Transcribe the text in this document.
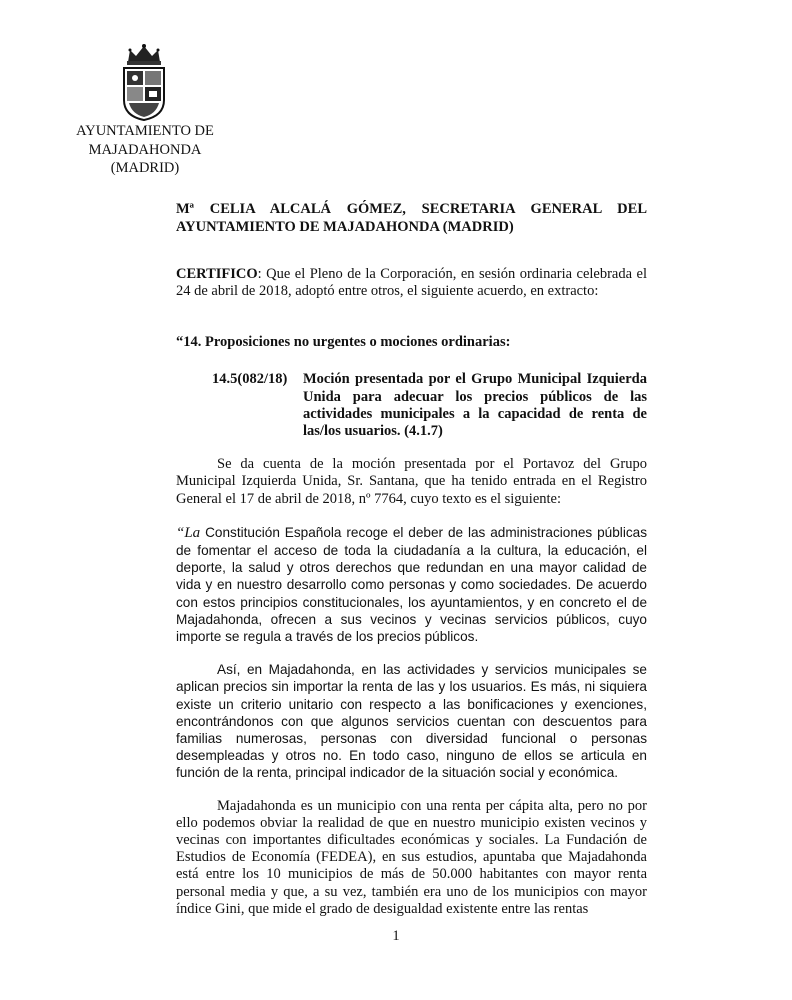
AYUNTAMIENTO DE
MAJADAHONDA
(MADRID)
Mª CELIA ALCALÁ GÓMEZ, SECRETARIA GENERAL DEL
AYUNTAMIENTO DE MAJADAHONDA (MADRID)

CERTIFICO: Que el Pleno de la Corporación, en sesión ordinaria celebrada el 24 de abril de 2018, adoptó entre otros, el siguiente acuerdo, en extracto:

“14. Proposiciones no urgentes o mociones ordinarias:
14.5(082/18)	Moción presentada por el Grupo Municipal Izquierda Unida para adecuar los precios públicos de las actividades municipales a la capacidad de renta de las/los usuarios. (4.1.7)

Se da cuenta de la moción presentada por el Portavoz del Grupo Municipal Izquierda Unida, Sr. Santana, que ha tenido entrada en el Registro General el 17 de abril de 2018, nº 7764, cuyo texto es el siguiente:

“La Constitución Española recoge el deber de las administraciones públicas de fomentar el acceso de toda la ciudadanía a la cultura, la educación, el deporte, la salud y otros derechos que redundan en una mayor calidad de vida y en nuestro desarrollo como personas y como sociedades. De acuerdo con estos principios constitucionales, los ayuntamientos, y en concreto el de Majadahonda, ofrecen a sus vecinos y vecinas servicios públicos, cuyo importe se regula a través de los precios públicos.

Así, en Majadahonda, en las actividades y servicios municipales se aplican precios sin importar la renta de las y los usuarios. Es más, ni siquiera existe un criterio unitario con respecto a las bonificaciones y exenciones, encontrándonos con que algunos servicios cuentan con descuentos para familias numerosas, personas con diversidad funcional o personas desempleadas y otros no. En todo caso, ninguno de ellos se articula en función de la renta, principal indicador de la situación social y económica.

Majadahonda es un municipio con una renta per cápita alta, pero no por ello podemos obviar la realidad de que en nuestro municipio existen vecinos y vecinas con importantes dificultades económicas y sociales. La Fundación de Estudios de Economía (FEDEA), en sus estudios, apuntaba que Majadahonda está entre los 10 municipios de más de 50.000 habitantes con mayor renta personal media y que, a su vez, también era uno de los municipios con mayor índice Gini, que mide el grado de desigualdad existente entre las rentas

1
